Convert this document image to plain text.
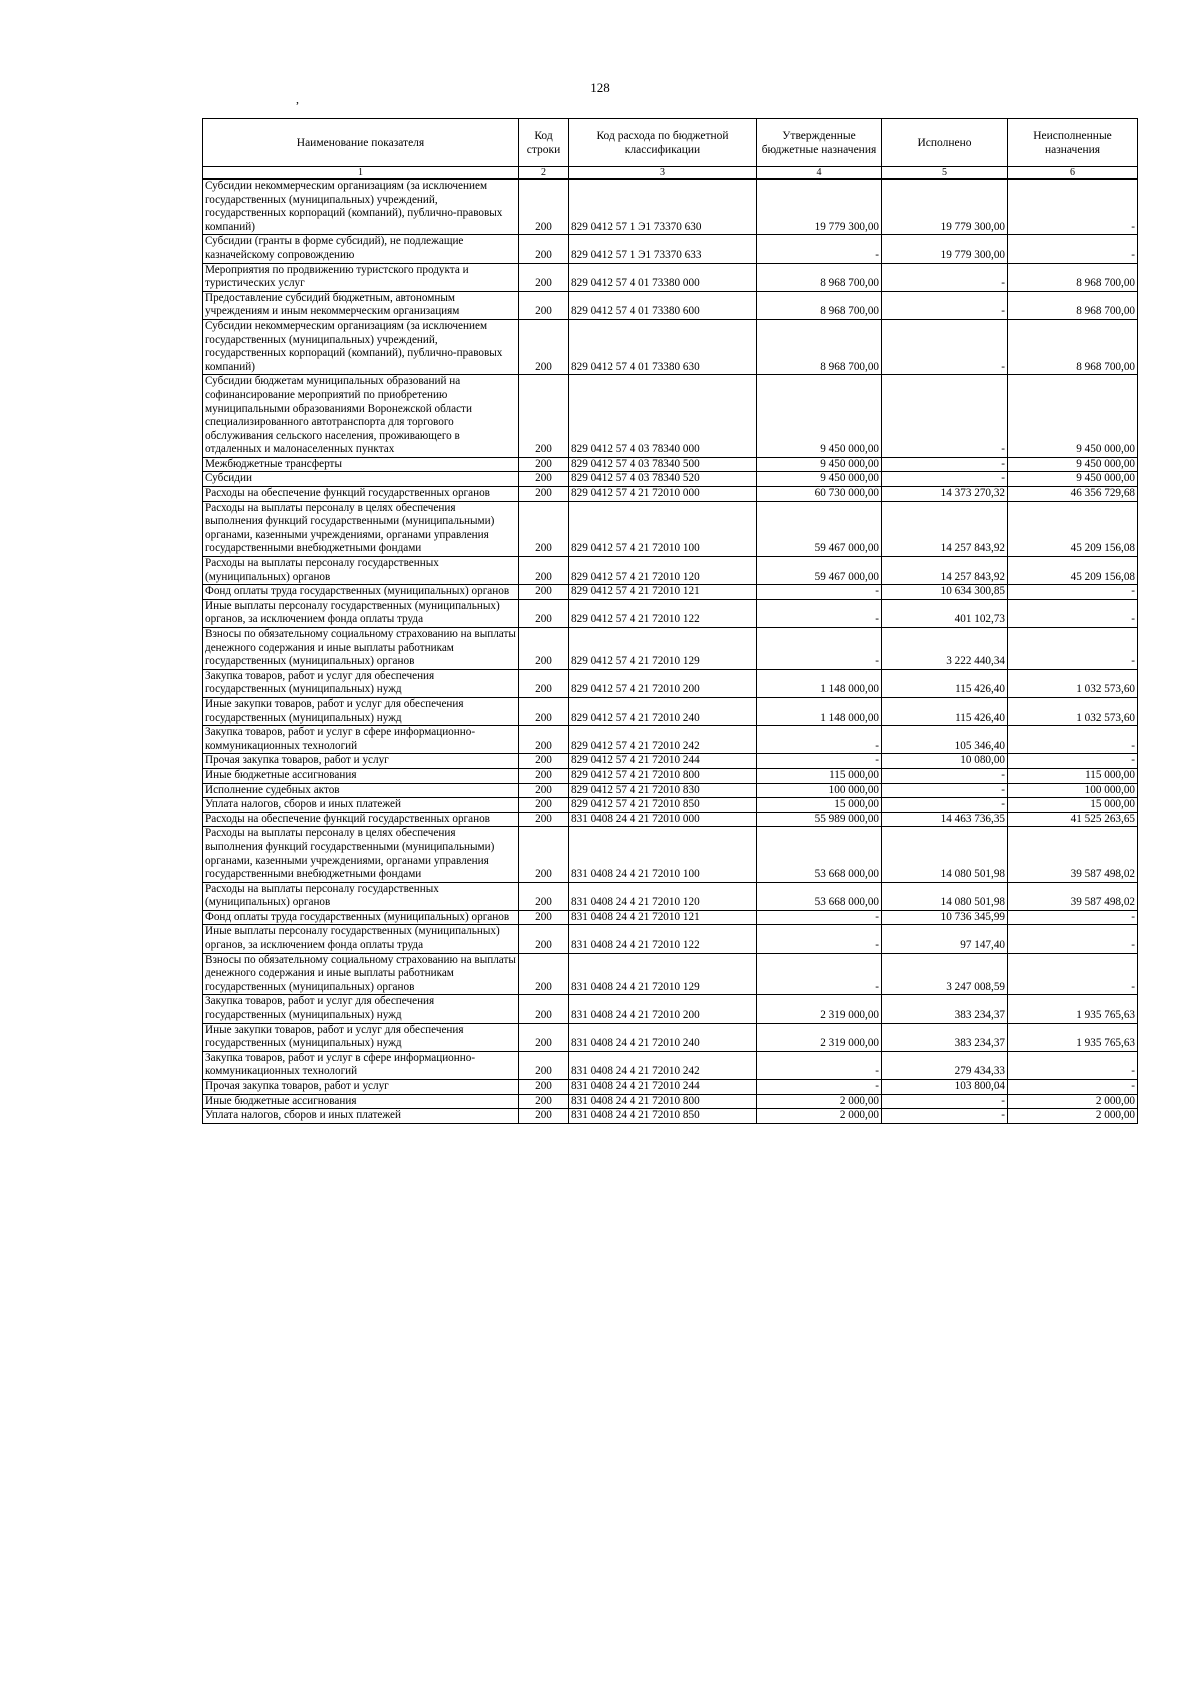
128
,
Наименование показателя	Код строки	Код расхода по бюджетной классификации	Утвержденные бюджетные назначения	Исполнено	Неисполненные назначения
1	2	3	4	5	6
Субсидии некоммерческим организациям (за исключением государственных (муниципальных) учреждений, государственных корпораций (компаний), публично-правовых компаний)	200	829 0412 57 1 Э1 73370 630	19 779 300,00	19 779 300,00	-
Субсидии (гранты в форме субсидий), не подлежащие казначейскому сопровождению	200	829 0412 57 1 Э1 73370 633	-	19 779 300,00	-
Мероприятия по продвижению туристского продукта и туристических услуг	200	829 0412 57 4 01 73380 000	8 968 700,00	-	8 968 700,00
Предоставление субсидий бюджетным, автономным учреждениям и иным некоммерческим организациям	200	829 0412 57 4 01 73380 600	8 968 700,00	-	8 968 700,00
Субсидии некоммерческим организациям (за исключением государственных (муниципальных) учреждений, государственных корпораций (компаний), публично-правовых компаний)	200	829 0412 57 4 01 73380 630	8 968 700,00	-	8 968 700,00
Субсидии бюджетам муниципальных образований на софинансирование мероприятий по приобретению муниципальными образованиями Воронежской области специализированного автотранспорта для торгового обслуживания сельского населения, проживающего в отдаленных и малонаселенных пунктах	200	829 0412 57 4 03 78340 000	9 450 000,00	-	9 450 000,00
Межбюджетные трансферты	200	829 0412 57 4 03 78340 500	9 450 000,00	-	9 450 000,00
Субсидии	200	829 0412 57 4 03 78340 520	9 450 000,00	-	9 450 000,00
Расходы на обеспечение функций государственных органов	200	829 0412 57 4 21 72010 000	60 730 000,00	14 373 270,32	46 356 729,68
Расходы на выплаты персоналу в целях обеспечения выполнения функций государственными (муниципальными) органами, казенными учреждениями, органами управления государственными внебюджетными фондами	200	829 0412 57 4 21 72010 100	59 467 000,00	14 257 843,92	45 209 156,08
Расходы на выплаты персоналу государственных (муниципальных) органов	200	829 0412 57 4 21 72010 120	59 467 000,00	14 257 843,92	45 209 156,08
Фонд оплаты труда государственных (муниципальных) органов	200	829 0412 57 4 21 72010 121	-	10 634 300,85	-
Иные выплаты персоналу государственных (муниципальных) органов, за исключением фонда оплаты труда	200	829 0412 57 4 21 72010 122	-	401 102,73	-
Взносы по обязательному социальному страхованию на выплаты денежного содержания и иные выплаты работникам государственных (муниципальных) органов	200	829 0412 57 4 21 72010 129	-	3 222 440,34	-
Закупка товаров, работ и услуг для обеспечения государственных (муниципальных) нужд	200	829 0412 57 4 21 72010 200	1 148 000,00	115 426,40	1 032 573,60
Иные закупки товаров, работ и услуг для обеспечения государственных (муниципальных) нужд	200	829 0412 57 4 21 72010 240	1 148 000,00	115 426,40	1 032 573,60
Закупка товаров, работ и услуг в сфере информационно-коммуникационных технологий	200	829 0412 57 4 21 72010 242	-	105 346,40	-
Прочая закупка товаров, работ и услуг	200	829 0412 57 4 21 72010 244	-	10 080,00	-
Иные бюджетные ассигнования	200	829 0412 57 4 21 72010 800	115 000,00	-	115 000,00
Исполнение судебных актов	200	829 0412 57 4 21 72010 830	100 000,00	-	100 000,00
Уплата налогов, сборов и иных платежей	200	829 0412 57 4 21 72010 850	15 000,00	-	15 000,00
Расходы на обеспечение функций государственных органов	200	831 0408 24 4 21 72010 000	55 989 000,00	14 463 736,35	41 525 263,65
Расходы на выплаты персоналу в целях обеспечения выполнения функций государственными (муниципальными) органами, казенными учреждениями, органами управления государственными внебюджетными фондами	200	831 0408 24 4 21 72010 100	53 668 000,00	14 080 501,98	39 587 498,02
Расходы на выплаты персоналу государственных (муниципальных) органов	200	831 0408 24 4 21 72010 120	53 668 000,00	14 080 501,98	39 587 498,02
Фонд оплаты труда государственных (муниципальных) органов	200	831 0408 24 4 21 72010 121	-	10 736 345,99	-
Иные выплаты персоналу государственных (муниципальных) органов, за исключением фонда оплаты труда	200	831 0408 24 4 21 72010 122	-	97 147,40	-
Взносы по обязательному социальному страхованию на выплаты денежного содержания и иные выплаты работникам государственных (муниципальных) органов	200	831 0408 24 4 21 72010 129	-	3 247 008,59	-
Закупка товаров, работ и услуг для обеспечения государственных (муниципальных) нужд	200	831 0408 24 4 21 72010 200	2 319 000,00	383 234,37	1 935 765,63
Иные закупки товаров, работ и услуг для обеспечения государственных (муниципальных) нужд	200	831 0408 24 4 21 72010 240	2 319 000,00	383 234,37	1 935 765,63
Закупка товаров, работ и услуг в сфере информационно-коммуникационных технологий	200	831 0408 24 4 21 72010 242	-	279 434,33	-
Прочая закупка товаров, работ и услуг	200	831 0408 24 4 21 72010 244	-	103 800,04	-
Иные бюджетные ассигнования	200	831 0408 24 4 21 72010 800	2 000,00	-	2 000,00
Уплата налогов, сборов и иных платежей	200	831 0408 24 4 21 72010 850	2 000,00	-	2 000,00
